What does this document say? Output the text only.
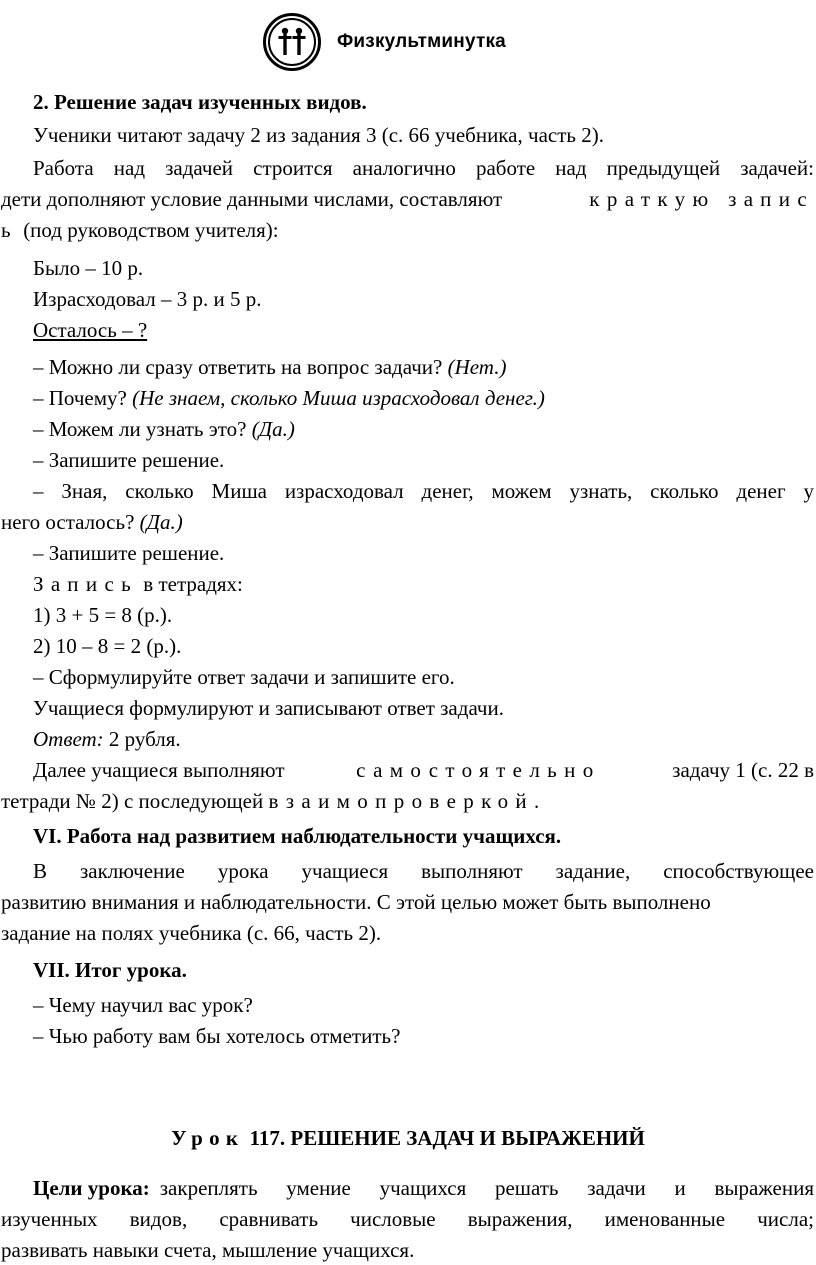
Физкультминутка
2. Решение задач изученных видов.
Ученики читают задачу 2 из задания 3 (с. 66 учебника, часть 2).
Работа над задачей строится аналогично работе над предыдущей задачей:
дети дополняют условие данными числами, составляют	краткую запис
ь (под руководством учителя):
Было – 10 р.
Израсходовал – 3 р. и 5 р.
Осталось – ?
– Можно ли сразу ответить на вопрос задачи? (Нет.)
– Почему? (Не знаем, сколько Миша израсходовал денег.)
– Можем ли узнать это? (Да.)
– Запишите решение.
– Зная, сколько Миша израсходовал денег, можем узнать, сколько денег у
него осталось? (Да.)
– Запишите решение.
Запись в тетрадях:
1) 3 + 5 = 8 (р.).
2) 10 – 8 = 2 (р.).
– Сформулируйте ответ задачи и запишите его.
Учащиеся формулируют и записывают ответ задачи.
Ответ: 2 рубля.
Далее учащиеся выполняют	самостоятельно	задачу 1 (с. 22 в
тетради № 2) с последующей взаимопроверкой.
VI. Работа над развитием наблюдательности учащихся.
В заключение урока учащиеся выполняют задание, способствующее
развитию внимания и наблюдательности. С этой целью может быть выполнено
задание на полях учебника (с. 66, часть 2).
VII. Итог урока.
– Чему научил вас урок?
– Чью работу вам бы хотелось отметить?
Урок 117. РЕШЕНИЕ ЗАДАЧ И ВЫРАЖЕНИЙ
Цели урока: закреплять умение учащихся решать задачи и выражения
изученных видов, сравнивать числовые выражения, именованные числа;
развивать навыки счета, мышление учащихся.
